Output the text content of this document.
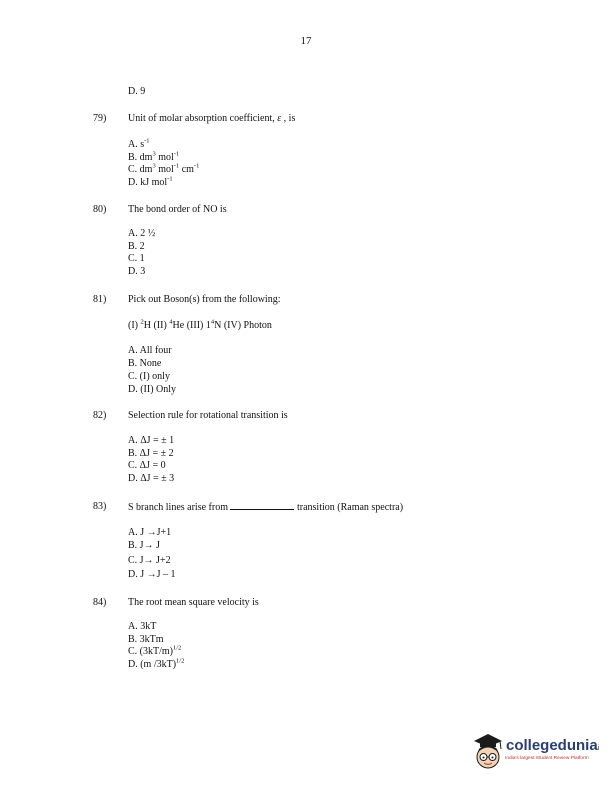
17
D. 9
79) Unit of molar absorption coefficient, ε , is
A. $s^{-1}$
B. $dm^3$ mol$^{-1}$
C. $dm^3$ mol$^{-1}$ $cm^{-1}$
D. kJ mol$^{-1}$
80) The bond order of NO is
A. 2 ½
B. 2
C. 1
D. 3
81) Pick out Boson(s) from the following:
(I) $^2$H (II) $^4$He (III) $1^4N$ (IV) Photon
A. All four
B. None
C. (I) only
D. (II) Only
82) Selection rule for rotational transition is
A. ΔJ = ± 1
B. ΔJ = ± 2
C. ΔJ = 0
D. ΔJ = ± 3
83) S branch lines arise from	transition (Raman spectra)
A. J →J+1
B. J→ J
C. J→ J+2
D. J →J – 1
84) The root mean square velocity is
A. 3kT
B. 3kTm
C. $(3kT/m)^{1/2}$
D. (m /3kT)$^{1/2}$
collegeduniai
India's largest Student Review Platform
